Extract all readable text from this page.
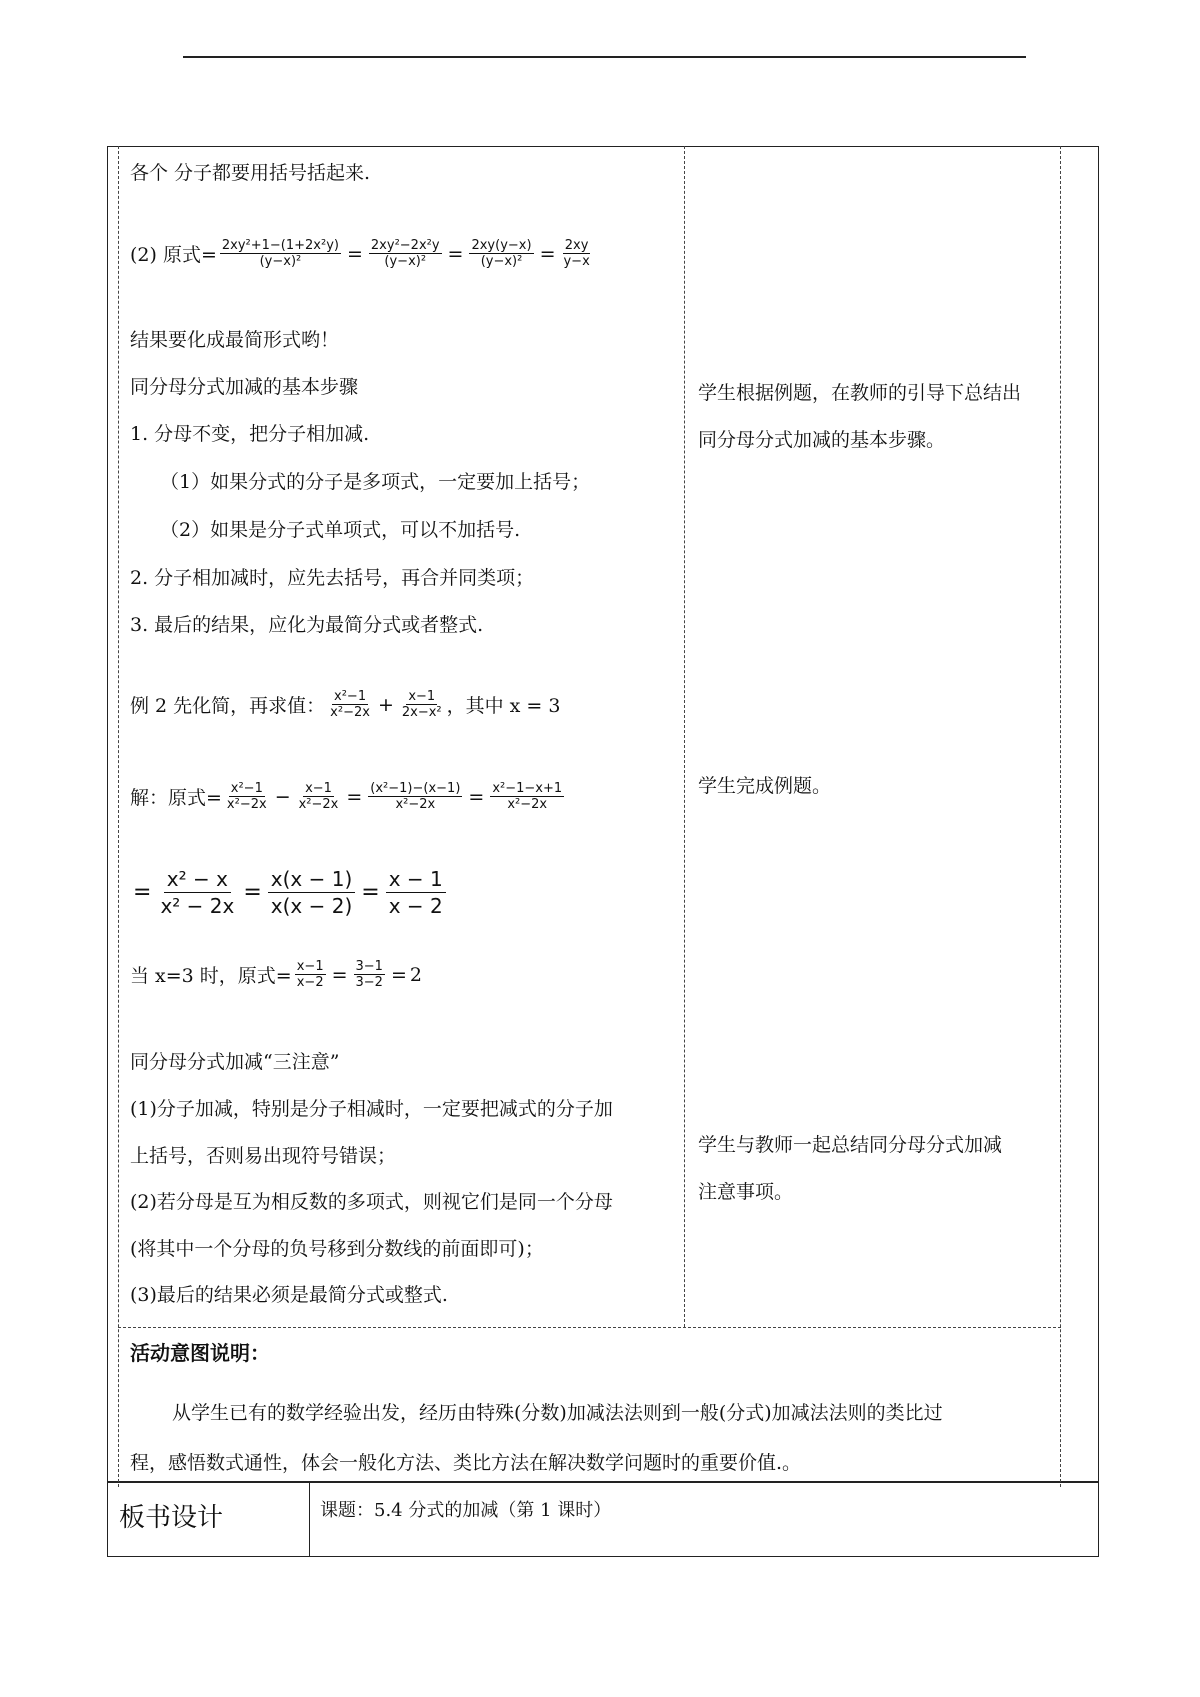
各个 分子都要用括号括起来.
(2) 原式= $\frac{\text{2xy²+1−(1+2x²y)}}{\text{(y−x)²}} = \frac{\text{2xy²−2x²y}}{\text{(y−x)²}} = \frac{2xy(y-x)}{\text{(y−x)²}} = \frac{2xy}{y-x}$
结果要化成最简形式哟！
同分母分式加减的基本步骤
1. 分母不变，把分子相加减.
（1）如果分式的分子是多项式，一定要加上括号；
（2）如果是分子式单项式，可以不加括号.
2. 分子相加减时，应先去括号，再合并同类项；
3. 最后的结果，应化为最简分式或者整式.
例 2 先化简，再求值： $\frac{\text{x²−1}}{\text{x²−2x}} + \frac{x-1}{\text{2x−x²}}$ ，其中 x = 3
解：原式= $\frac{\text{x²−1}}{\text{x²−2x}} - \frac{x-1}{\text{x²−2x}} = \frac{\text{(x²−1)−(x−1)}}{\text{x²−2x}} = \frac{\text{x²−1−x+1}}{\text{x²−2x}}$
= $\frac{\text{x² − x}}{\text{x² − 2x}} = \frac{x(x - 1)}{x(x - 2)} = \frac{x - 1}{x - 2}$
当 x=3 时，原式= $\frac{x-1}{x-2} = \frac{3-1}{3-2} = 2$
同分母分式加减“三注意”
(1)分子加减，特别是分子相减时，一定要把减式的分子加
上括号，否则易出现符号错误；
(2)若分母是互为相反数的多项式，则视它们是同一个分母
(将其中一个分母的负号移到分数线的前面即可)；
(3)最后的结果必须是最简分式或整式.
学生根据例题，在教师的引导下总结出
同分母分式加减的基本步骤。
学生完成例题。
学生与教师一起总结同分母分式加减
注意事项。
活动意图说明：
从学生已有的数学经验出发，经历由特殊(分数)加减法法则到一般(分式)加减法法则的类比过
程，感悟数式通性，体会一般化方法、类比方法在解决数学问题时的重要价值.。
板书设计	课题：5.4 分式的加减（第 1 课时）
